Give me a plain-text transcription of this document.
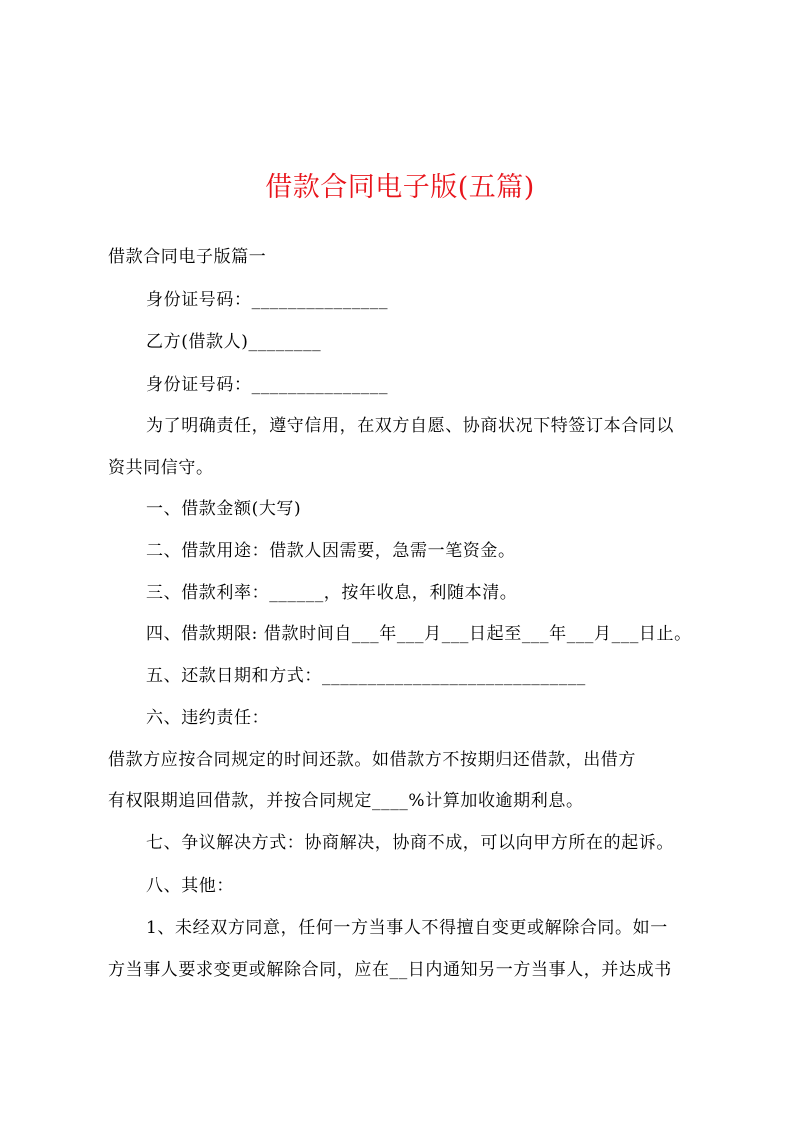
借款合同电子版(五篇)
借款合同电子版篇一
身份证号码：_______________
乙方(借款人)________
身份证号码：_______________
为了明确责任，遵守信用，在双方自愿、协商状况下特签订本合同以
资共同信守。
一、借款金额(大写)
二、借款用途：借款人因需要，急需一笔资金。
三、借款利率：______，按年收息，利随本清。
四、借款期限: 借款时间自___年___月___日起至___年___月___日止。
五、还款日期和方式：_____________________________
六、违约责任：
借款方应按合同规定的时间还款。如借款方不按期归还借款，出借方
有权限期追回借款，并按合同规定____%计算加收逾期利息。
七、争议解决方式：协商解决，协商不成，可以向甲方所在的起诉。
八、其他：
1、未经双方同意，任何一方当事人不得擅自变更或解除合同。如一
方当事人要求变更或解除合同，应在__日内通知另一方当事人，并达成书
